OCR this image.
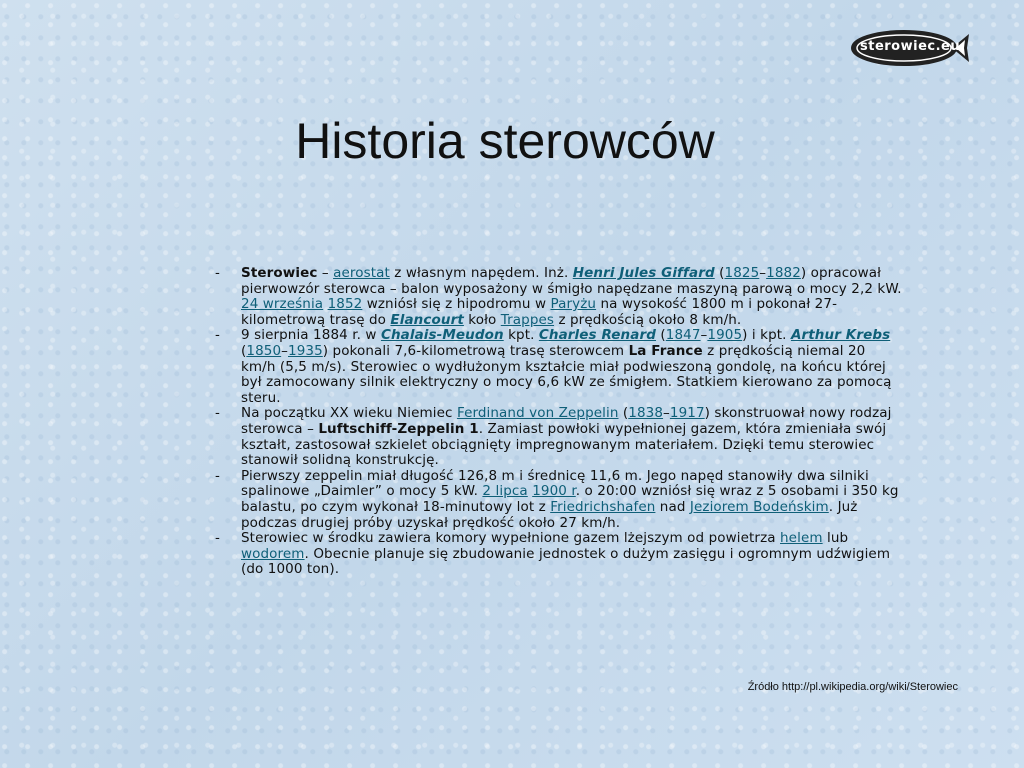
sterowiec.eu
Historia sterowców
- Sterowiec – aerostat z własnym napędem. Inż. Henri Jules Giffard (1825–1882) opracował pierwowzór sterowca – balon wyposażony w śmigło napędzane maszyną parową o mocy 2,2 kW. 24 września 1852 wzniósł się z hipodromu w Paryżu na wysokość 1800 m i pokonał 27-kilometrową trasę do Elancourt koło Trappes z prędkością około 8 km/h.
- 9 sierpnia 1884 r. w Chalais-Meudon kpt. Charles Renard (1847–1905) i kpt. Arthur Krebs (1850–1935) pokonali 7,6-kilometrową trasę sterowcem La France z prędkością niemal 20 km/h (5,5 m/s). Sterowiec o wydłużonym kształcie miał podwieszoną gondolę, na końcu której był zamocowany silnik elektryczny o mocy 6,6 kW ze śmigłem. Statkiem kierowano za pomocą steru.
- Na początku XX wieku Niemiec Ferdinand von Zeppelin (1838–1917) skonstruował nowy rodzaj sterowca – Luftschiff-Zeppelin 1. Zamiast powłoki wypełnionej gazem, która zmieniała swój kształt, zastosował szkielet obciągnięty impregnowanym materiałem. Dzięki temu sterowiec stanowił solidną konstrukcję.
- Pierwszy zeppelin miał długość 126,8 m i średnicę 11,6 m. Jego napęd stanowiły dwa silniki spalinowe „Daimler” o mocy 5 kW. 2 lipca 1900 r. o 20:00 wzniósł się wraz z 5 osobami i 350 kg balastu, po czym wykonał 18-minutowy lot z Friedrichshafen nad Jeziorem Bodeńskim. Już podczas drugiej próby uzyskał prędkość około 27 km/h.
- Sterowiec w środku zawiera komory wypełnione gazem lżejszym od powietrza helem lub wodorem. Obecnie planuje się zbudowanie jednostek o dużym zasięgu i ogromnym udźwigiem (do 1000 ton).
Źródło http://pl.wikipedia.org/wiki/Sterowiec
